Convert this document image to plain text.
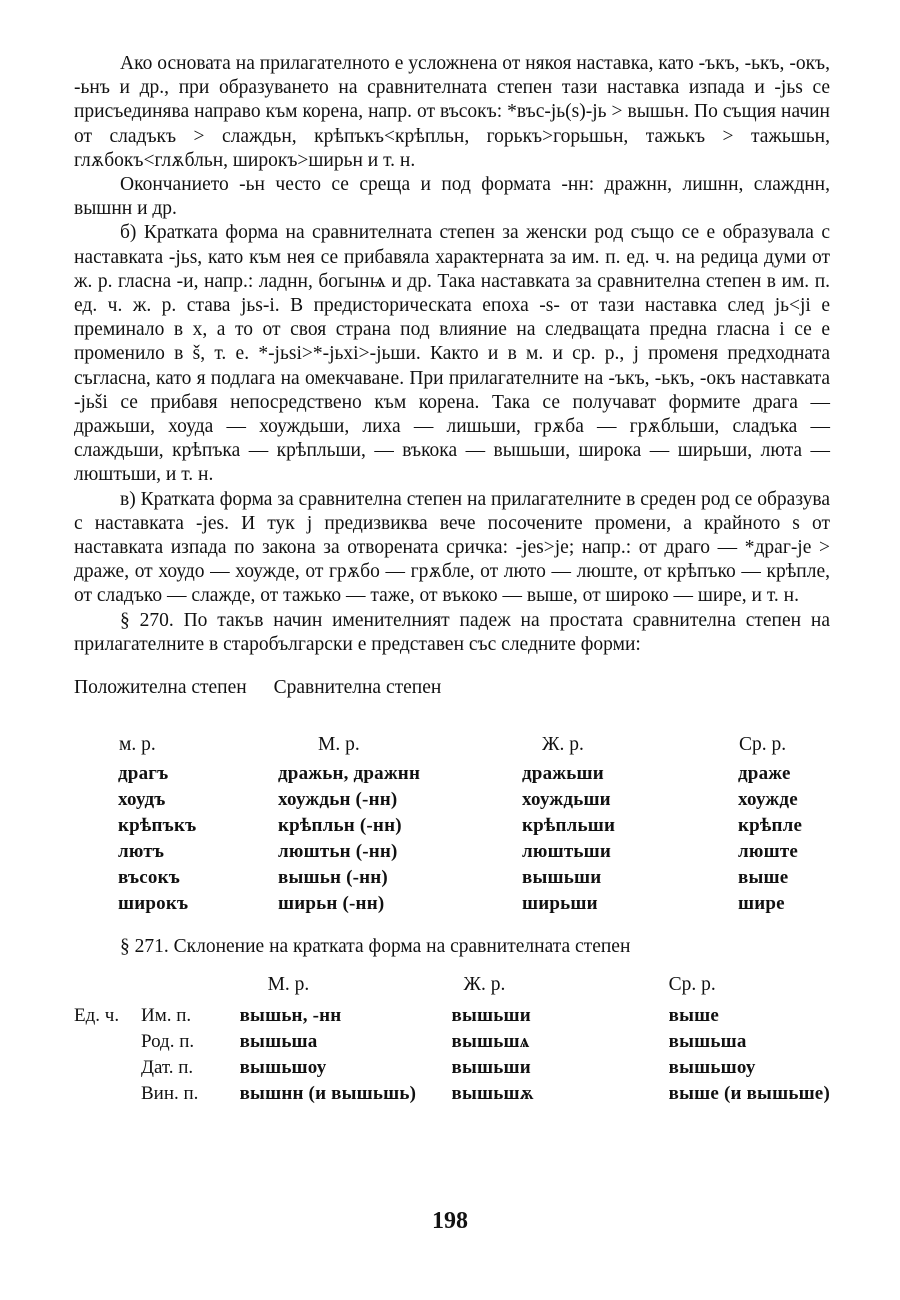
Ако основата на прилагателното е усложнена от някоя наставка, като -ъкъ, -ькъ, -окъ, -ьнъ и др., при образуването на сравнителната степен тази наставка изпада и -jьs се присъединява направо към корена, напр. от въсокъ: *въс-jь(s)-jь > вышьн. По същия начин от сладъкъ > слаждьн, крѣпъкъ<крѣпльн, горькъ>горьшьн, тажькъ > тажьшьн, глѫбокъ<глѫбльн, широкъ>ширьн и т. н.

Окончанието -ьн често се среща и под формата -нн: дражнн, лишнн, слажднн, вышнн и др.

б) Кратката форма на сравнителната степен за женски род също се е образувала с наставката -jьs, като към нея се прибавяла характерната за им. п. ед. ч. на редица думи от ж. р. гласна -и, напр.: ладнн, богынѩ и др. Така наставката за сравнителна степен в им. п. ед. ч. ж. р. става jьs-i. В предисторическата епоха -s- от тази наставка след jь<ji е преминало в x, а то от своя страна под влияние на следващата предна гласна i се е променило в š, т. е. *-jьsi>*-jьxi>-jьши. Както и в м. и ср. р., j променя предходната съгласна, като я подлага на омекчаване. При прилагателните на -ъкъ, -ькъ, -окъ наставката -jьši се прибавя непосредствено към корена. Така се получават формите драга — дражьши, хоуда — хоуждьши, лиха — лишьши, грѫба — грѫбльши, сладъка — слаждьши, крѣпъка — крѣпльши, — въкока — вышьши, широка — ширьши, люта — люштьши, и т. н.

в) Кратката форма за сравнителна степен на прилагателните в среден род се образува с наставката -jes. И тук j предизвиква вече посочените промени, а крайното s от наставката изпада по закона за отворената сричка: -jes>je; напр.: от драго — *драг-je > драже, от хоудо — хоужде, от грѫбо — грѫбле, от люто — люште, от крѣпъко — крѣпле, от сладъко — слажде, от тажько — таже, от въкоко — выше, от широко — шире, и т. н.

§ 270. По такъв начин именителният падеж на простата сравнителна степен на прилагателните в старобългарски е представен със следните форми:

Положителна степен Сравнителна степен
м. р.	М. р.	Ж. р.	Ср. р.
драгъ	дражьн, дражнн	дражьши	драже
хоудъ	хоуждьн (-нн)	хоуждьши	хоужде
крѣпъкъ	крѣпльн (-нн)	крѣпльши	крѣпле
лютъ	люштьн (-нн)	люштьши	люште
въсокъ	вышьн (-нн)	вышьши	выше
широкъ	ширьн (-нн)	ширьши	шире

§ 271. Склонение на кратката форма на сравнителната степен

		М. р.	Ж. р.	Ср. р.
Ед. ч.	Им. п.	вышьн, -нн	вышьши	выше
	Род. п.	вышьша	вышьшѧ	вышьша
	Дат. п.	вышьшоу	вышьши	вышьшоу
	Вин. п.	вышнн (и вышьшь)	вышьшѫ	выше (и вышьше)
198
